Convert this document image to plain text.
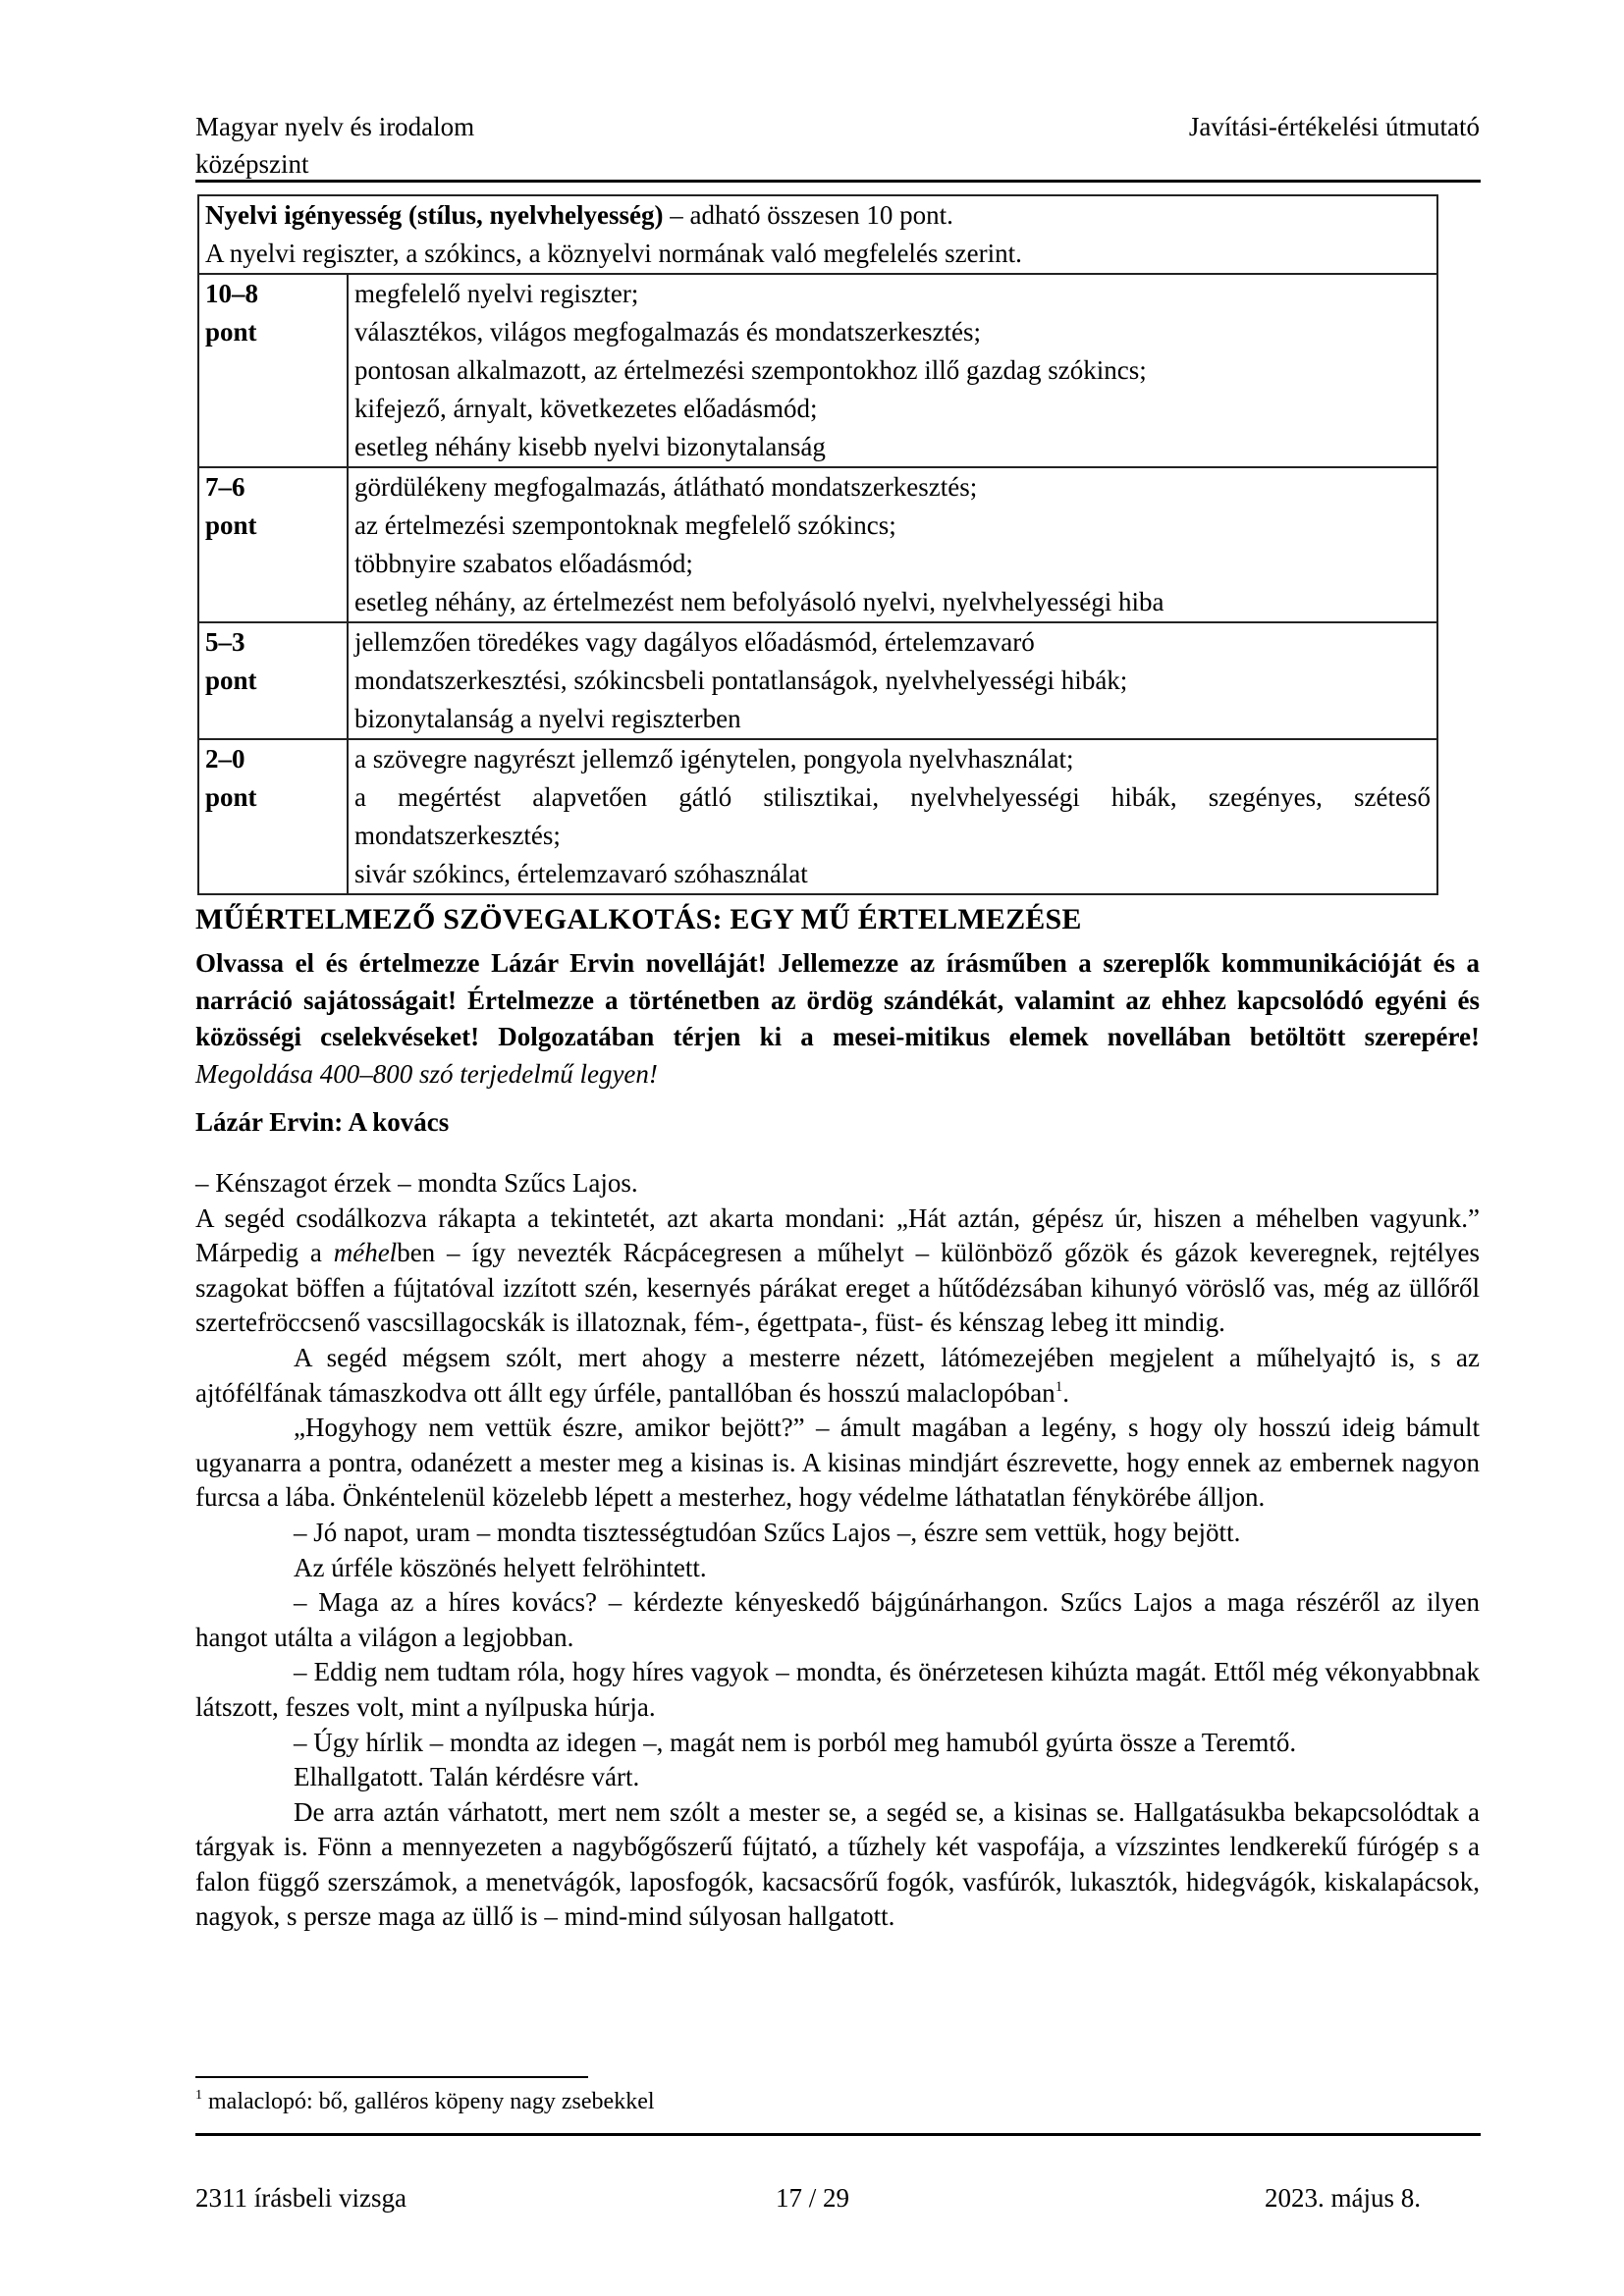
Magyar nyelv és irodalom
középszint
Javítási-értékelési útmutató
Nyelvi igényesség (stílus, nyelvhelyesség) – adható összesen 10 pont.
A nyelvi regiszter, a szókincs, a köznyelvi normának való megfelelés szerint.	

10–8
pont	megfelelő nyelvi regiszter;
választékos, világos megfogalmazás és mondatszerkesztés;
pontosan alkalmazott, az értelmezési szempontokhoz illő gazdag szókincs;
kifejező, árnyalt, következetes előadásmód;
esetleg néhány kisebb nyelvi bizonytalanság

7–6
pont	gördülékeny megfogalmazás, átlátható mondatszerkesztés;
az értelmezési szempontoknak megfelelő szókincs;
többnyire szabatos előadásmód;
esetleg néhány, az értelmezést nem befolyásoló nyelvi, nyelvhelyességi hiba

5–3
pont	jellemzően töredékes vagy dagályos előadásmód, értelemzavaró mondatszerkesztési, szókincsbeli pontatlanságok, nyelvhelyességi hibák;
bizonytalanság a nyelvi regiszterben

2–0
pont	a szövegre nagyrészt jellemző igénytelen, pongyola nyelvhasználat;
a megértést alapvetően gátló stilisztikai, nyelvhelyességi hibák, szegényes, széteső mondatszerkesztés;
sivár szókincs, értelemzavaró szóhasználat
MŰÉRTELMEZŐ SZÖVEGALKOTÁS: EGY MŰ ÉRTELMEZÉSE
Olvassa el és értelmezze Lázár Ervin novelláját! Jellemezze az írásműben a szereplők kommunikációját és a narráció sajátosságait! Értelmezze a történetben az ördög szándékát, valamint az ehhez kapcsolódó egyéni és közösségi cselekvéseket! Dolgozatában térjen ki a mesei-mitikus elemek novellában betöltött szerepére! Megoldása 400–800 szó terjedelmű legyen!
Lázár Ervin: A kovács

– Kénszagot érzek – mondta Szűcs Lajos.

A segéd csodálkozva rákapta a tekintetét, azt akarta mondani: „Hát aztán, gépész úr, hiszen a méhelben vagyunk.” Márpedig a méhelben – így nevezték Rácpácegresen a műhelyt – különböző gőzök és gázok keveregnek, rejtélyes szagokat böffen a fújtatóval izzított szén, kesernyés párákat ereget a hűtődézsában kihunyó vöröslő vas, még az üllőről szertefröccsenő vascsillagocskák is illatoznak, fém-, égettpata-, füst- és kénszag lebeg itt mindig.

A segéd mégsem szólt, mert ahogy a mesterre nézett, látómezejében megjelent a műhelyajtó is, s az ajtófélfának támaszkodva ott állt egy úrféle, pantallóban és hosszú malaclopóban$^1$.

„Hogyhogy nem vettük észre, amikor bejött?” – ámult magában a legény, s hogy oly hosszú ideig bámult ugyanarra a pontra, odanézett a mester meg a kisinas is. A kisinas mindjárt észrevette, hogy ennek az embernek nagyon furcsa a lába. Önkéntelenül közelebb lépett a mesterhez, hogy védelme láthatatlan fénykörébe álljon.

– Jó napot, uram – mondta tisztességtudóan Szűcs Lajos –, észre sem vettük, hogy bejött.

Az úrféle köszönés helyett felröhintett.

– Maga az a híres kovács? – kérdezte kényeskedő bájgúnárhangon. Szűcs Lajos a maga részéről az ilyen hangot utálta a világon a legjobban.

– Eddig nem tudtam róla, hogy híres vagyok – mondta, és önérzetesen kihúzta magát. Ettől még vékonyabbnak látszott, feszes volt, mint a nyílpuska húrja.

– Úgy hírlik – mondta az idegen –, magát nem is porból meg hamuból gyúrta össze a Teremtő.

Elhallgatott. Talán kérdésre várt.

De arra aztán várhatott, mert nem szólt a mester se, a segéd se, a kisinas se. Hallgatásukba bekapcsolódtak a tárgyak is. Fönn a mennyezeten a nagybőgőszerű fújtató, a tűzhely két vaspofája, a vízszintes lendkerekű fúrógép s a falon függő szerszámok, a menetvágók, laposfogók, kacsacsőrű fogók, vasfúrók, lukasztók, hidegvágók, kiskalapácsok, nagyok, s persze maga az üllő is – mind-mind súlyosan hallgatott.

$^1$ malaclopó: bő, galléros köpeny nagy zsebekkel
2311 írásbeli vizsga	17 / 29	2023. május 8.
